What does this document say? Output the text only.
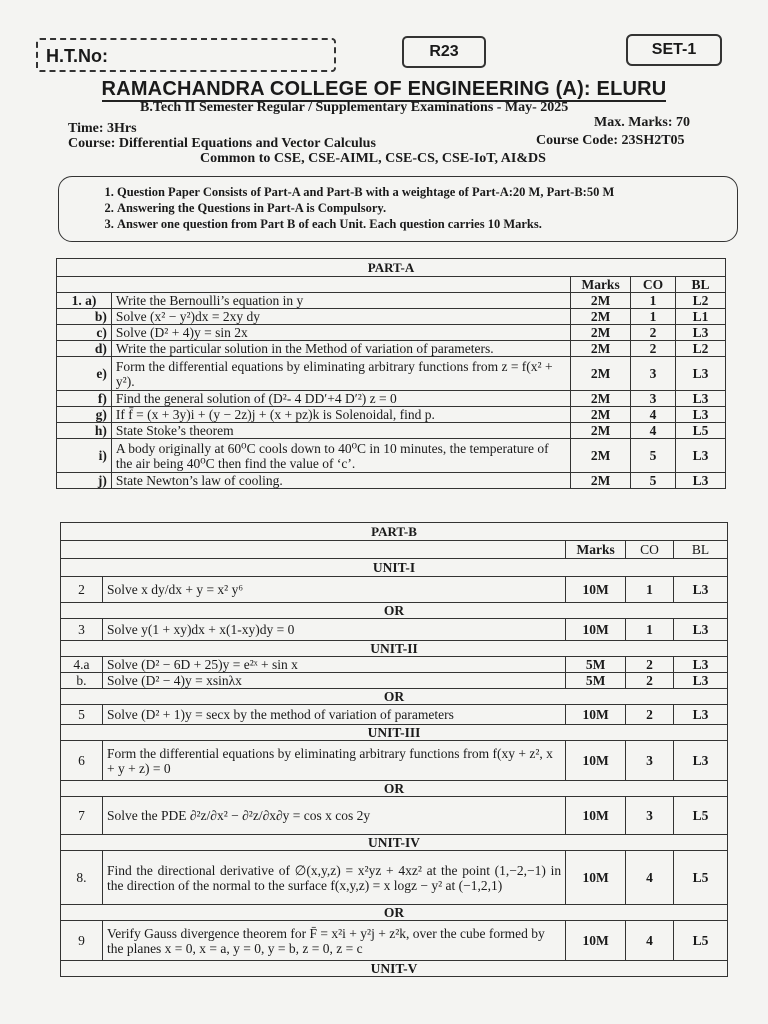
H.T.No:	R23	SET-1
RAMACHANDRA COLLEGE OF ENGINEERING (A): ELURU
B.Tech II Semester Regular / Supplementary Examinations - May- 2025
Max. Marks: 70
Time: 3Hrs
Course: Differential Equations and Vector Calculus	Course Code: 23SH2T05
Common to CSE, CSE-AIML, CSE-CS, CSE-IoT, AI&DS
1. Question Paper Consists of Part-A and Part-B with a weightage of Part-A:20 M, Part-B:50 M
2. Answering the Questions in Part-A is Compulsory.
3. Answer one question from Part B of each Unit. Each question carries 10 Marks.
PART-A				
		Marks	CO	BL
1. a)	Write the Bernoulli’s equation in y	2M	1	L2
b)	Solve (x² − y²)dx = 2xy dy	2M	1	L1
c)	Solve (D² + 4)y = sin 2x	2M	2	L3
d)	Write the particular solution in the Method of variation of parameters.	2M	2	L2
e)	Form the differential equations by eliminating arbitrary functions from z = f(x² + y²).	2M	3	L3
f)	Find the general solution of (D²- 4 DD′+4 D′²) z = 0	2M	3	L3
g)	If f̄ = (x + 3y)i + (y − 2z)j + (x + pz)k is Solenoidal, find p.	2M	4	L3
h)	State Stoke’s theorem	2M	4	L5
i)	A body originally at 60⁰C cools down to 40⁰C in 10 minutes, the temperature of the air being 40⁰C then find the value of ‘c’.	2M	5	L3
j)	State Newton’s law of cooling.	2M	5	L3
PART-B				
		Marks	CO	BL
UNIT-I				
2	Solve x dy/dx + y = x² y⁶	10M	1	L3
OR				
3	Solve y(1 + xy)dx + x(1-xy)dy = 0	10M	1	L3
UNIT-II				
4.a	Solve (D² − 6D + 25)y = e²ˣ + sin x	5M	2	L3
b.	Solve (D² − 4)y = xsinλx	5M	2	L3
OR				
5	Solve (D² + 1)y = secx by the method of variation of parameters	10M	2	L3
UNIT-III				
6	Form the differential equations by eliminating arbitrary functions from f(xy + z², x + y + z) = 0	10M	3	L3
OR				
7	Solve the PDE ∂²z/∂x² − ∂²z/∂x∂y = cos x cos 2y	10M	3	L5
UNIT-IV				
8.	Find the directional derivative of ∅(x,y,z) = x²yz + 4xz² at the point (1,−2,−1) in the direction of the normal to the surface f(x,y,z) = x logz − y² at (−1,2,1)	10M	4	L5
OR				
9	Verify Gauss divergence theorem for F̄ = x²i + y²j + z²k, over the cube formed by the planes x = 0, x = a, y = 0, y = b, z = 0, z = c	10M	4	L5
UNIT-V				
